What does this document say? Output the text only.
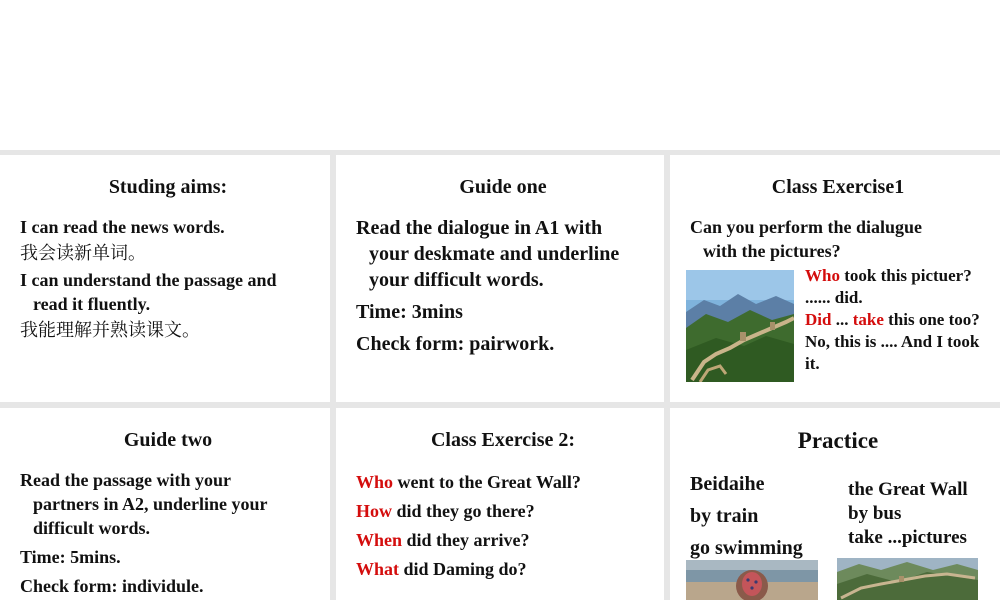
Studing aims:
I can read the news words.
我会读新单词。
I can understand the passage and
read it fluently.
我能理解并熟读课文。
Guide one
Read the dialogue in A1 with
your deskmate and underline
your difficult words.
Time: 3mins
Check form: pairwork.
Class Exercise1
Can you perform the dialugue
with the pictures?
Who took this pictuer?
...... did.
Did ... take this one too?
No, this is .... And I took
it.
Guide two
Read the passage with your
partners in A2, underline your
difficult words.
Time: 5mins.
Check form: individule.
Class Exercise 2:
Who went to the Great Wall?
How did they go there?
When did they arrive?
What did Daming do?
Practice
Beidaihe
by train
go swimming
the Great Wall
by bus
take ...pictures
